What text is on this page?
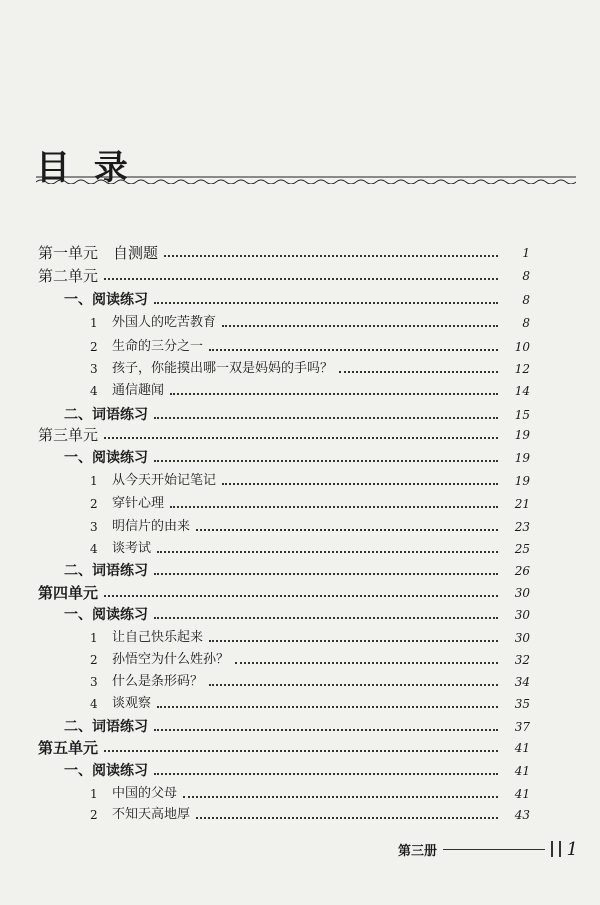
目 录
第一单元　自测题	1
第二单元	8
一、阅读练习	8
1	外国人的吃苦教育	8
2	生命的三分之一	10
3	孩子，你能摸出哪一双是妈妈的手吗？	12
4	通信趣闻	14
二、词语练习	15
第三单元	19
一、阅读练习	19
1	从今天开始记笔记	19
2	穿针心理	21
3	明信片的由来	23
4	谈考试	25
二、词语练习	26
第四单元	30
一、阅读练习	30
1	让自己快乐起来	30
2	孙悟空为什么姓孙？	32
3	什么是条形码？	34
4	谈观察	35
二、词语练习	37
第五单元	41
一、阅读练习	41
1	中国的父母	41
2	不知天高地厚	43
第三册	1
